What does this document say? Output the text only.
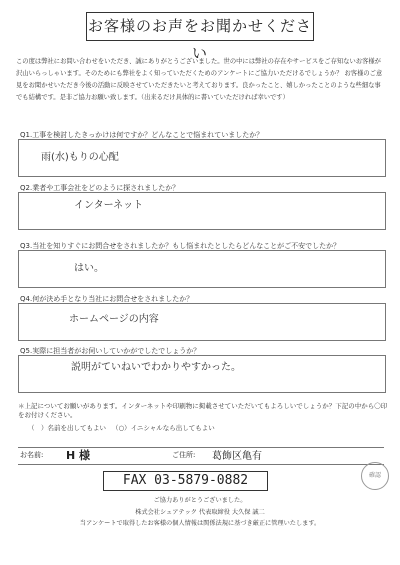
お客様のお声をお聞かせください
この度は弊社にお問い合わせをいただき、誠にありがとうございました。世の中には弊社の存在やサービスをご存知ないお客様が沢山いらっしゃいます。そのためにも弊社をよく知っていただくためのアンケートにご協力いただけるでしょうか？ お客様のご意見をお聞かせいただき今後の活動に反映させていただきたいと考えております。良かったこと、嬉しかったことのような些細な事でも結構です。是非ご協力お願い致します。（出来るだけ具体的に書いていただければ幸いです）
Q1.工事を検討したきっかけは何ですか？どんなことで悩まれていましたか？
雨(水)もりの心配
Q2.業者や工事会社をどのように探されましたか？
インターネット
Q3.当社を知りすぐにお問合せをされましたか？もし悩まれたとしたらどんなことがご不安でしたか？
はい。
Q4.何が決め手となり当社にお問合せをされましたか？
ホームページの内容
Q5.実際に担当者がお伺いしていかがでしたでしょうか？
説明がていねいでわかりやすかった。
＊上記についてお願いがあります。インターネットや印刷物に掲載させていただいてもよろしいでしょうか？下記の中から〇印をお付けください。
（　）名前を出してもよい （○）イニシャルなら出してもよい
お名前: H 様	ご住所: 葛飾区亀有
FAX 03-5879-0882	確認
ご協力ありがとうございました。
株式会社シェアテック 代表取締役 大久保 誠二
当アンケートで取得したお客様の個人情報は関係法規に基づき厳正に管理いたします。
